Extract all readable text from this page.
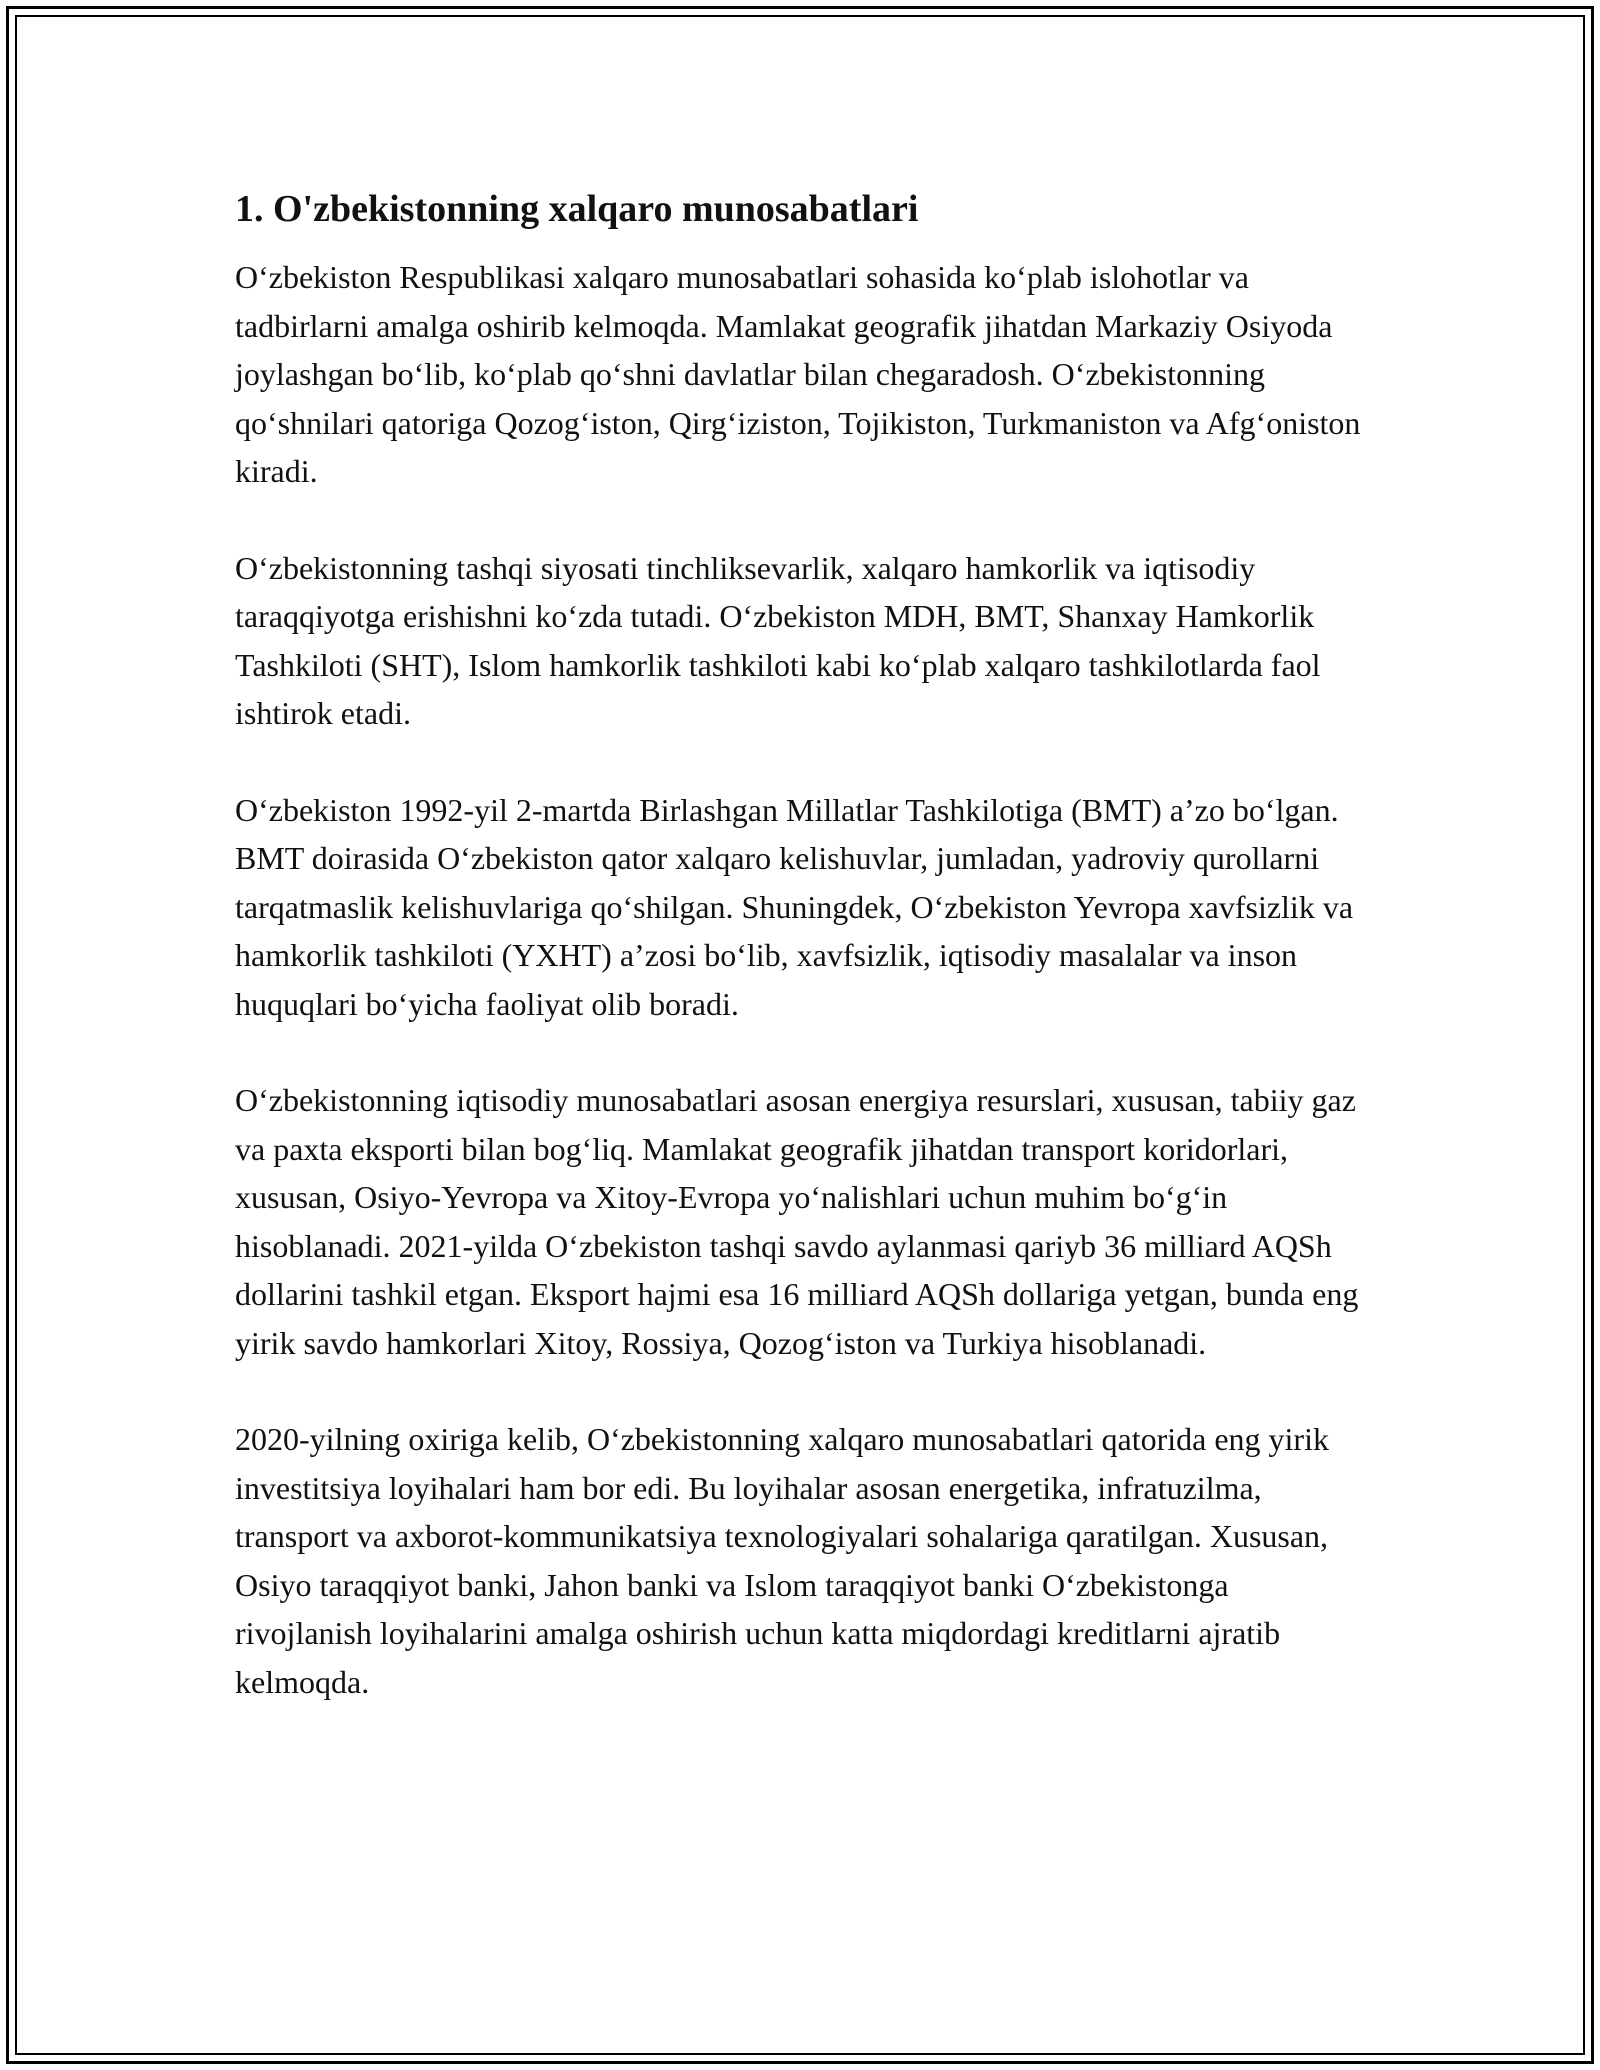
1. O'zbekistonning xalqaro munosabatlari

O‘zbekiston Respublikasi xalqaro munosabatlari sohasida ko‘plab islohotlar va tadbirlarni amalga oshirib kelmoqda. Mamlakat geografik jihatdan Markaziy Osiyoda joylashgan bo‘lib, ko‘plab qo‘shni davlatlar bilan chegaradosh. O‘zbekistonning qo‘shnilari qatoriga Qozog‘iston, Qirg‘iziston, Tojikiston, Turkmaniston va Afg‘oniston kiradi.

O‘zbekistonning tashqi siyosati tinchliksevarlik, xalqaro hamkorlik va iqtisodiy taraqqiyotga erishishni ko‘zda tutadi. O‘zbekiston MDH, BMT, Shanxay Hamkorlik Tashkiloti (SHT), Islom hamkorlik tashkiloti kabi ko‘plab xalqaro tashkilotlarda faol ishtirok etadi.

O‘zbekiston 1992-yil 2-martda Birlashgan Millatlar Tashkilotiga (BMT) a’zo bo‘lgan. BMT doirasida O‘zbekiston qator xalqaro kelishuvlar, jumladan, yadroviy qurollarni tarqatmaslik kelishuvlariga qo‘shilgan. Shuningdek, O‘zbekiston Yevropa xavfsizlik va hamkorlik tashkiloti (YXHT) a’zosi bo‘lib, xavfsizlik, iqtisodiy masalalar va inson huquqlari bo‘yicha faoliyat olib boradi.

O‘zbekistonning iqtisodiy munosabatlari asosan energiya resurslari, xususan, tabiiy gaz va paxta eksporti bilan bog‘liq. Mamlakat geografik jihatdan transport koridorlari, xususan, Osiyo-Yevropa va Xitoy-Evropa yo‘nalishlari uchun muhim bo‘g‘in hisoblanadi. 2021-yilda O‘zbekiston tashqi savdo aylanmasi qariyb 36 milliard AQSh dollarini tashkil etgan. Eksport hajmi esa 16 milliard AQSh dollariga yetgan, bunda eng yirik savdo hamkorlari Xitoy, Rossiya, Qozog‘iston va Turkiya hisoblanadi.

2020-yilning oxiriga kelib, O‘zbekistonning xalqaro munosabatlari qatorida eng yirik investitsiya loyihalari ham bor edi. Bu loyihalar asosan energetika, infratuzilma, transport va axborot-kommunikatsiya texnologiyalari sohalariga qaratilgan. Xususan, Osiyo taraqqiyot banki, Jahon banki va Islom taraqqiyot banki O‘zbekistonga rivojlanish loyihalarini amalga oshirish uchun katta miqdordagi kreditlarni ajratib kelmoqda.
